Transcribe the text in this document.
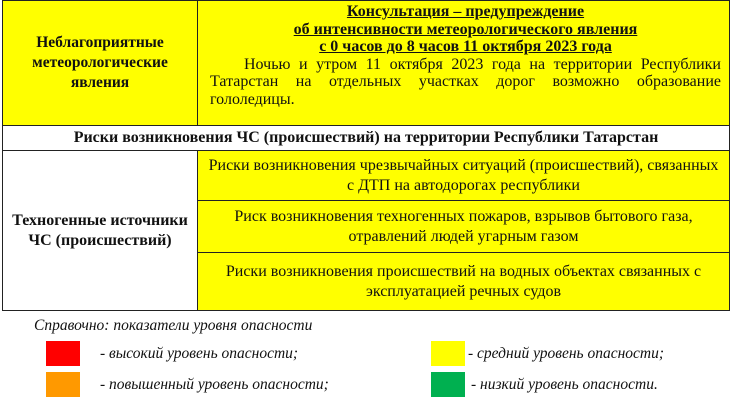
Неблагоприятные метеорологические явления
Консультация – предупреждение
об интенсивности метеорологического явления
с 0 часов до 8 часов 11 октября 2023 года
Ночью и утром 11 октября 2023 года на территории Республики Татарстан на отдельных участках дорог возможно образование гололедицы.
Риски возникновения ЧС (происшествий) на территории Республики Татарстан
Техногенные источники ЧС (происшествий)
Риски возникновения чрезвычайных ситуаций (происшествий), связанных с ДТП на автодорогах республики
Риск возникновения техногенных пожаров, взрывов бытового газа, отравлений людей угарным газом
Риски возникновения происшествий на водных объектах связанных с эксплуатацией речных судов
Справочно: показатели уровня опасности
- высокий уровень опасности;	- средний уровень опасности;
- повышенный уровень опасности;	- низкий уровень опасности.
